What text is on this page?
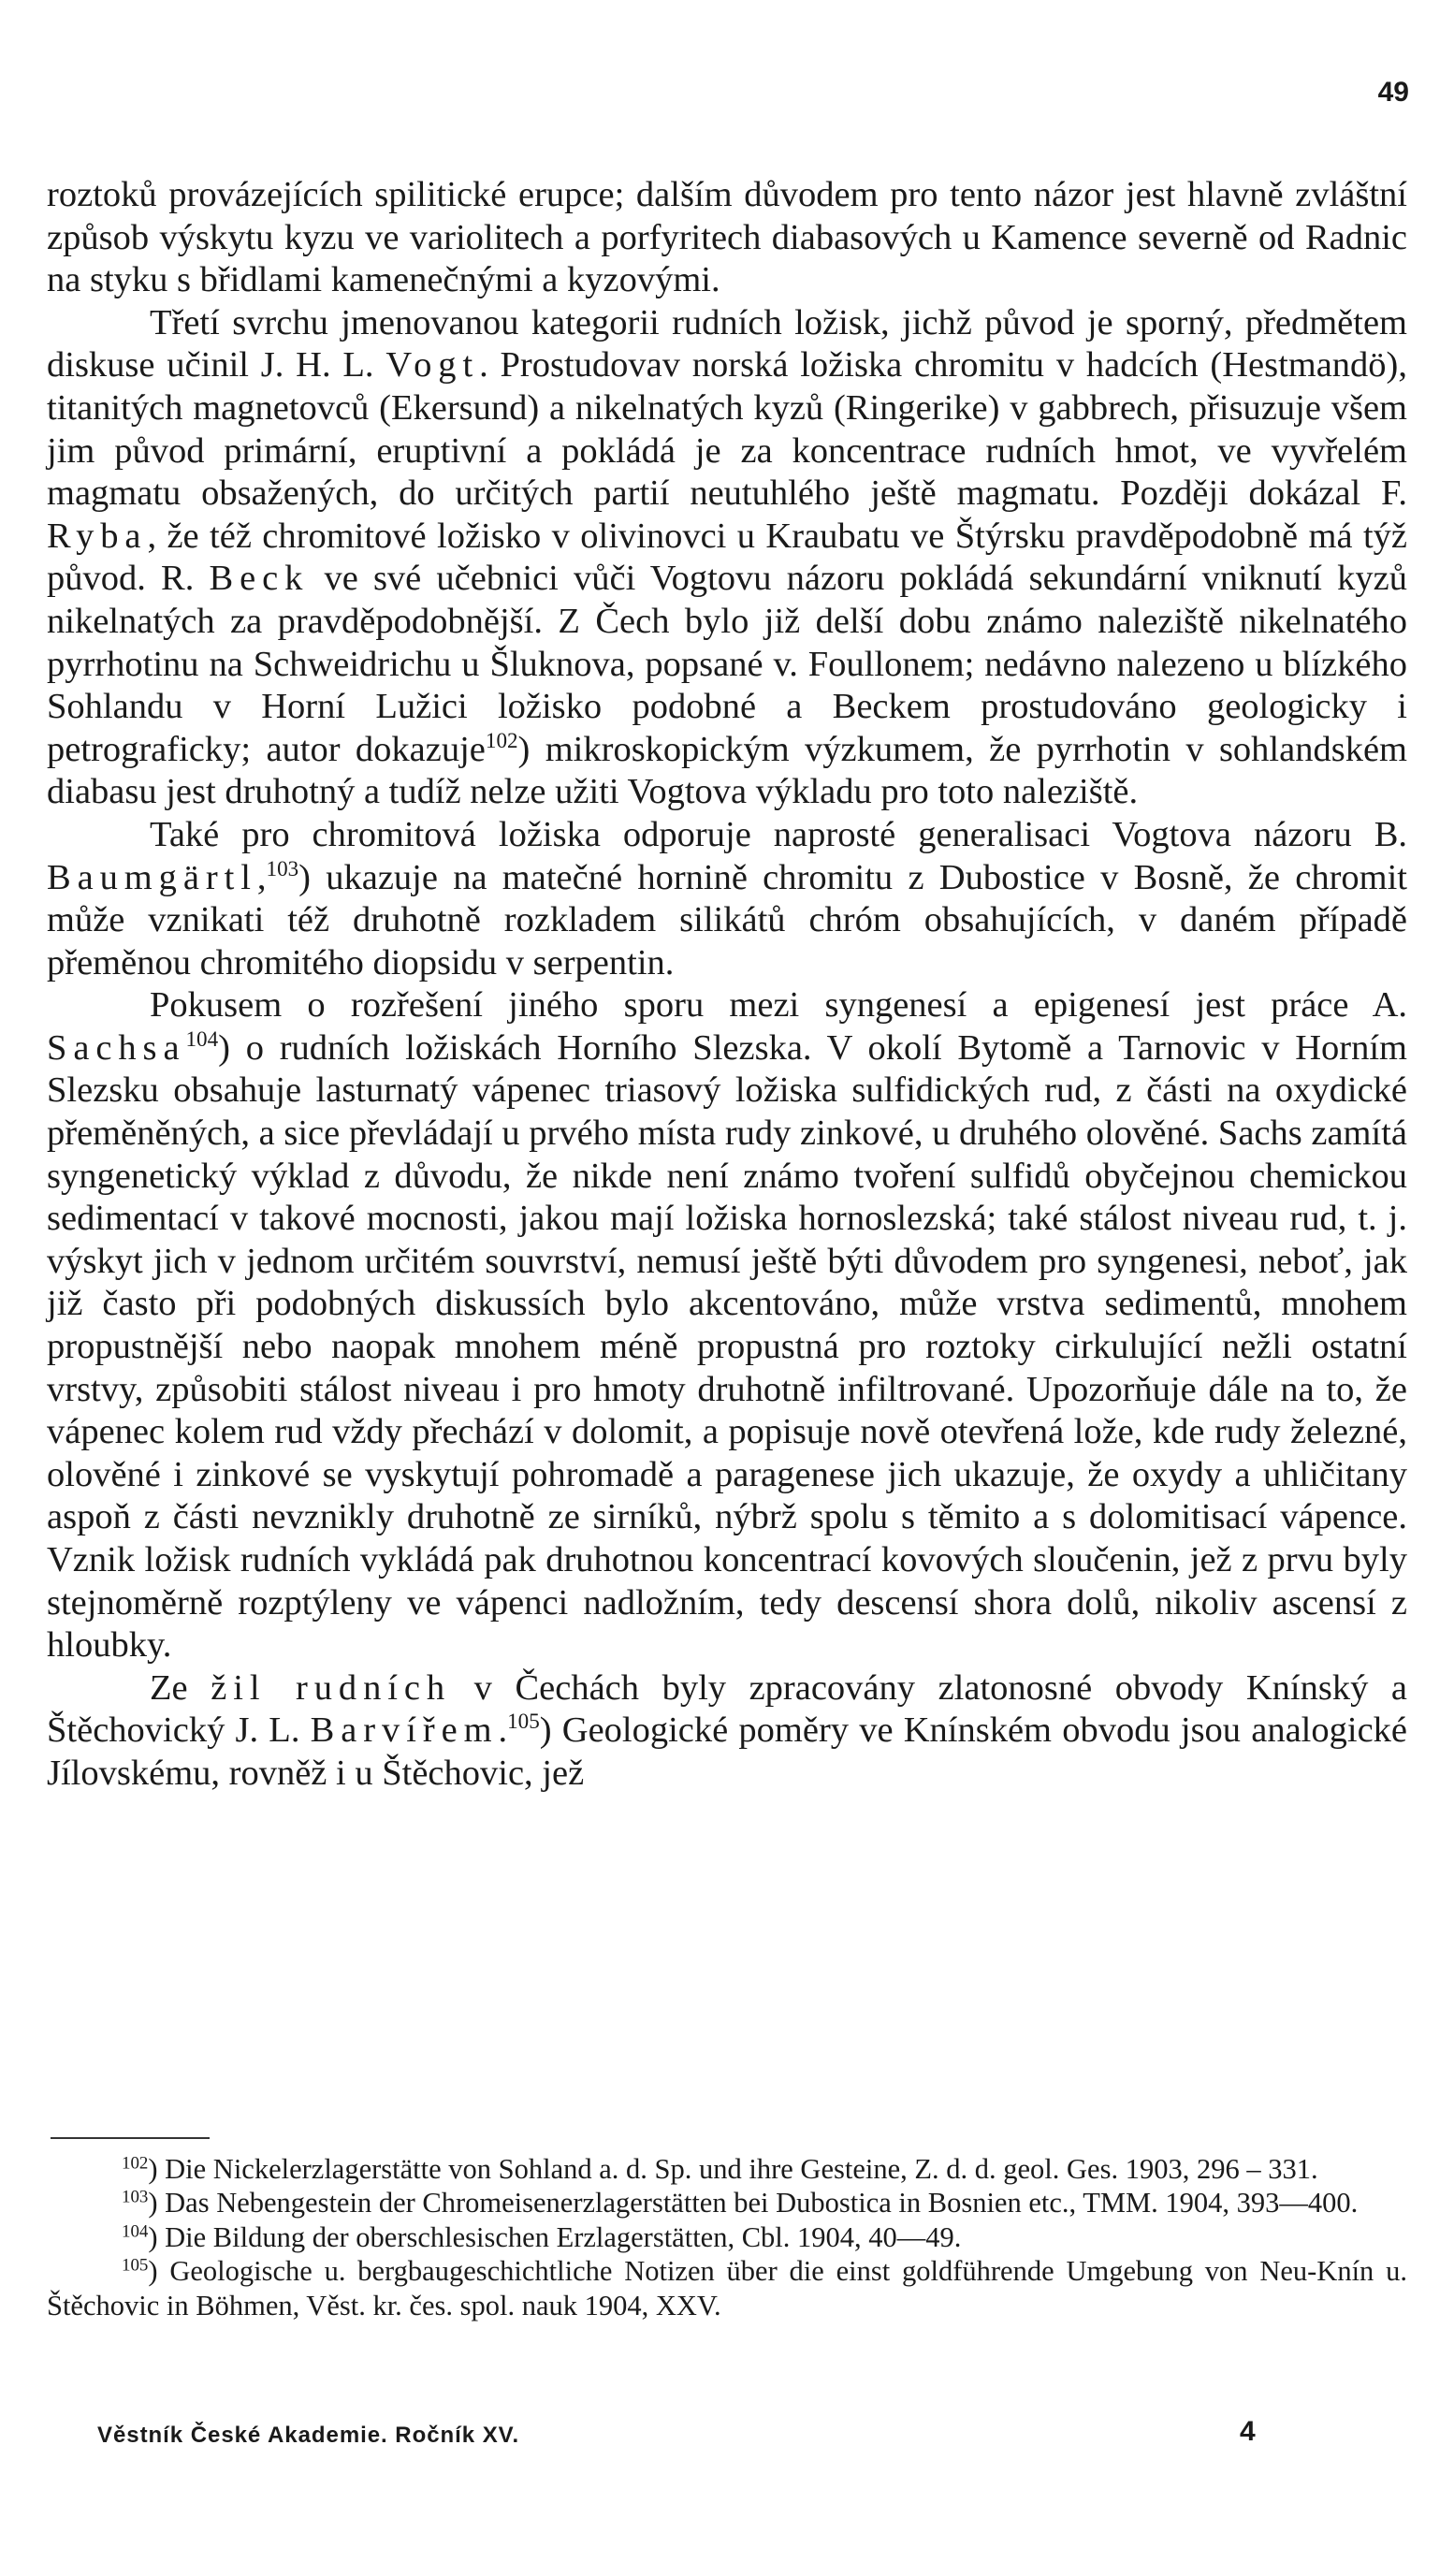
49

roztoků provázejících spilitické erupce; dalším důvodem pro tento názor jest hlavně zvláštní způsob výskytu kyzu ve variolitech a porfyritech diabasových u Kamence severně od Radnic na styku s břidlami kamenečnými a kyzovými.

Třetí svrchu jmenovanou kategorii rudních ložisk, jichž původ je sporný, předmětem diskuse učinil J. H. L. Vogt. Prostudovav norská ložiska chromitu v hadcích (Hestmandö), titanitých magnetovců (Ekersund) a nikelnatých kyzů (Ringerike) v gabbrech, přisuzuje všem jim původ primární, eruptivní a pokládá je za koncentrace rudních hmot, ve vyvřelém magmatu obsažených, do určitých partií neutuhlého ještě magmatu. Později dokázal F. Ryba, že též chromitové ložisko v olivinovci u Kraubatu ve Štýrsku pravděpodobně má týž původ. R. Beck ve své učebnici vůči Vogtovu názoru pokládá sekundární vniknutí kyzů nikelnatých za pravděpodobnější. Z Čech bylo již delší dobu známo naleziště nikelnatého pyrrhotinu na Schweidrichu u Šluknova, popsané v. Foullonem; nedávno nalezeno u blízkého Sohlandu v Horní Lužici ložisko podobné a Beckem prostudováno geologicky i petrograficky; autor dokazuje$^{102}$) mikroskopickým výzkumem, že pyrrhotin v sohlandském diabasu jest druhotný a tudíž nelze užiti Vogtova výkladu pro toto naleziště.

Také pro chromitová ložiska odporuje naprosté generalisaci Vogtova názoru B. Baumgärtl,$^{103}$) ukazuje na matečné hornině chromitu z Dubostice v Bosně, že chromit může vznikati též druhotně rozkladem silikátů chróm obsahujících, v daném případě přeměnou chromitého diopsidu v serpentin.

Pokusem o rozřešení jiného sporu mezi syngenesí a epigenesí jest práce A. Sachsa$^{104}$) o rudních ložiskách Horního Slezska. V okolí Bytomě a Tarnovic v Horním Slezsku obsahuje lasturnatý vápenec triasový ložiska sulfidických rud, z části na oxydické přeměněných, a sice převládají u prvého místa rudy zinkové, u druhého olověné. Sachs zamítá syngenetický výklad z důvodu, že nikde není známo tvoření sulfidů obyčejnou chemickou sedimentací v takové mocnosti, jakou mají ložiska hornoslezská; také stálost niveau rud, t. j. výskyt jich v jednom určitém souvrství, nemusí ještě býti důvodem pro syngenesi, neboť, jak již často při podobných diskussích bylo akcentováno, může vrstva sedimentů, mnohem propustnější nebo naopak mnohem méně propustná pro roztoky cirkulující nežli ostatní vrstvy, způsobiti stálost niveau i pro hmoty druhotně infiltrované. Upozorňuje dále na to, že vápenec kolem rud vždy přechází v dolomit, a popisuje nově otevřená lože, kde rudy železné, olověné i zinkové se vyskytují pohromadě a paragenese jich ukazuje, že oxydy a uhličitany aspoň z části nevznikly druhotně ze sirníků, nýbrž spolu s těmito a s dolomitisací vápence. Vznik ložisk rudních vykládá pak druhotnou koncentrací kovových sloučenin, jež z prvu byly stejnoměrně rozptýleny ve vápenci nadložním, tedy descensí shora dolů, nikoliv ascensí z hloubky.

Ze žil rudních v Čechách byly zpracovány zlatonosné obvody Knínský a Štěchovický J. L. Barvířem.$^{105}$) Geologické poměry ve Knínském obvodu jsou analogické Jílovskému, rovněž i u Štěchovic, jež

$^{102}$) Die Nickelerzlagerstätte von Sohland a. d. Sp. und ihre Gesteine, Z. d. d. geol. Ges. 1903, 296 – 331.

$^{103}$) Das Nebengestein der Chromeisenerzlagerstätten bei Dubostica in Bosnien etc., TMM. 1904, 393—400.

$^{104}$) Die Bildung der oberschlesischen Erzlagerstätten, Cbl. 1904, 40—49.

$^{105}$) Geologische u. bergbaugeschichtliche Notizen über die einst goldführende Umgebung von Neu-Knín u. Štěchovic in Böhmen, Věst. kr. čes. spol. nauk 1904, XXV.

Věstník České Akademie. Ročník XV.	4
